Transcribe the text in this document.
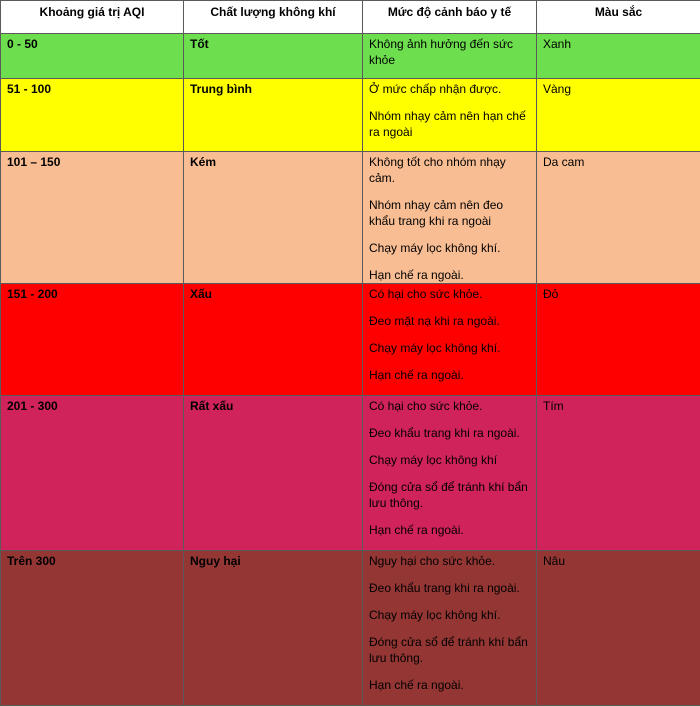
Khoảng giá trị AQI	Chất lượng không khí	Mức độ cảnh báo y tế	Màu sắc
0 - 50	Tốt	Không ảnh hưởng đến sức khỏe	Xanh
51 - 100	Trung bình	Ở mức chấp nhận được.

Nhóm nhạy cảm nên hạn chế ra ngoài	Vàng
101 – 150	Kém	Không tốt cho nhóm nhạy cảm.

Nhóm nhạy cảm nên đeo khẩu trang khi ra ngoài

Chạy máy lọc không khí.

Hạn chế ra ngoài.	Da cam
151 - 200	Xấu	Có hại cho sức khỏe.

Đeo mặt nạ khi ra ngoài.

Chạy máy lọc không khí.

Hạn chế ra ngoài.	Đỏ
201 - 300	Rất xấu	Có hại cho sức khỏe.

Đeo khẩu trang khi ra ngoài.

Chạy máy lọc không khí

Đóng cửa sổ để tránh khí bẩn lưu thông.

Hạn chế ra ngoài.	Tím
Trên 300	Nguy hại	Nguy hại cho sức khỏe.

Đeo khẩu trang khi ra ngoài.

Chạy máy lọc không khí.

Đóng cửa sổ để tránh khí bẩn lưu thông.

Hạn chế ra ngoài.	Nâu
